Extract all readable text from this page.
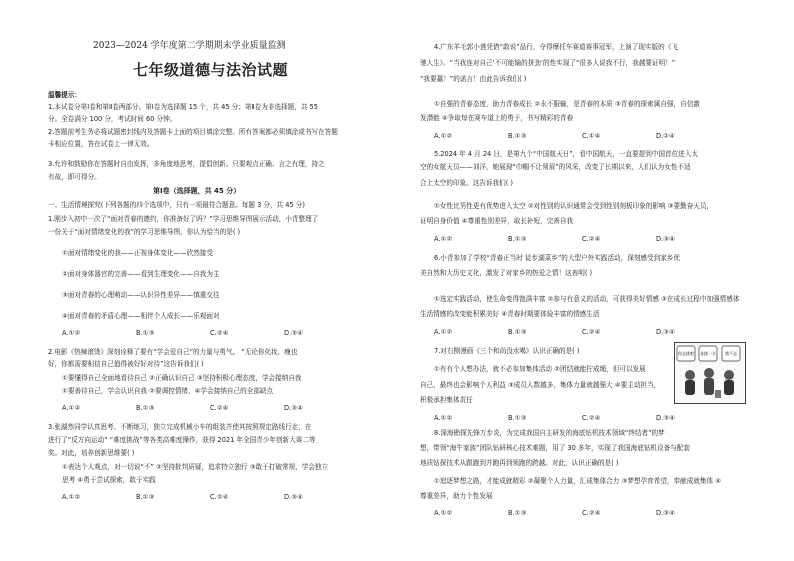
2023—2024 学年度第二学期期末学业质量监测
七年级道德与法治试题
温馨提示：
1.本试卷分第Ⅰ卷和第Ⅱ卷两部分。第Ⅰ卷为选择题 15 个，共 45 分；第Ⅱ卷为非选择题，共 55
分。全卷满分 100 分，考试时间 60 分钟。
2.答题前考生务必将试题密封线内及答题卡上面的项目填涂完整。所有答案都必须填涂或书写在答题
卡相应位置，答在试卷上一律无效。
3.允许和鼓励你在答题时自由发挥，多角度地思考，提倡创新。只要观点正确、言之有理，持之
有故，即可得分。
第Ⅰ卷（选择题，共 45 分）
一、生活情境探究(下列各题的四个选项中，只有一项最符合题意。每题 3 分，共 45 分)
1.刚步入初中一次了“面对青春的邀约，你准备好了吗？”学习思维导图展示活动，小青整理了
一份关于“面对情绪变化的我”的学习思维导图，你认为恰当的是( )
①面对情绪变化的我——正视身体变化——欣然接受
②面对身体器官的完善——看到生理变化——自我为主
③面对青春的心理萌动——认识异性差异——慎重交往
④面对青春的矛盾心理——相伴个人成长——乐观面对
A.①②	B.①③	C.②④	D.③④
2.电影《热辣滚烫》深刻诠释了要有“学会爱自己”的力量与勇气。 “无论你化妆，瘦也
好，你都需要相信自己值得被好好对待”这告诉我们( )
①要懂得自己全面地看待自己 ②正确认识自己 ③坚持积极心理态度，学会接纳自我
①要善待自己，学会认识自我 ②要调控情绪，④学会接纳自己的全部缺点
A.①②	B.①③	C.②④	D.③④
3.张湖然同学认真思考、不断练习，独立完成机械小车的组装并使其按照规定路线行走，在
进行了“反方向运动” “难度挑战”等各类高难度操作，获得 2021 年全国青少年创新大赛二等
奖。对此，培养创新思维要( )
①表达个人观点，对一切说“不” ②坚持批判质疑，追求特立独行 ③敢于打破常规，学会独立
思考 ④勇于尝试探索，敢于实践
A.①②	B.①③	C.②④	D.③④
4.广东羊毛郭小莲凭借“敢说”品行，夺得摩托车赛道赛事冠军，上演了现实版的《飞
驰人生》。“当我连对自己‘不可能输的拼劲’的性实现了“很多人说我不行，我越要证明！”
“我要赢！”的诺言！由此告诉我们( )
①自强的青春态度，助力青春成长 ②永不服输，是青春的本质 ③青春的探索属自强，自信激
发潜能 ④争取每在赛车道上的勇于，书写精彩的青春
A.①②	B.①③	C.①④	D.②④
5.2024 年 4 月 24 日，是第九个“中国航天日”，看中国航天，一直要提到中国首位进入太
空的女航天员——刘洋，她展现“巾帼不让须眉”的风采，改变了长期以来，人们认为女性不适
合上太空的印象。这告诉我们( )
①女性比男性更有优势进入太空 ②对性别的认识通常会受到性别刻板印象的影响 ③要勤奋天员，
证明自身价值 ④尊重性别差异，取长补短，完善自我
A.①②	B.①③	C.②④	D.③④
6.小青参加了学校“青春正当时 徒步湖菜乡”的大型户外实践活动，深刻感受到家乡优
美自然和大历史文化，激发了对家乡的热爱之情！这表明( )
①选定实践活动，使生命变得饱满丰富 ②参与有意义的活动，可获得美好情感 ③在成长过程中加强情感体
生活情感的改变能积累美好 ④青春时期要体验丰富的情感生活
A.①②	B.①③	C.②④	D.③④
7.对右侧漫画《三个和尚没水喝》认识正确的是( )
①有有个人想办法，就不必参加集体活动 ②团结就能拧成绳，但可以发展
自己，最终也会影响个人利益 ③成员人数越多，集体力量就越强大 ④要主动担当，
积极承担集体责任
A.①②	B.①③	C.②④	D.③④
8.深海勘探先锋万步炎，为完成我国自主研发的海底钻机技术领域“终结者”的梦
想，带领“海牛家族”团队钻研核心技术难题，用了 30 多年，实现了我国海底钻机设备与配套
地质钻探技术从跟跑到并跑再到领跑的跨越。对此，认识正确的是( )
①追逐梦想之路，才能成就精彩 ②凝聚个人力量，汇成集体合力 ③梦想孕育希望，奉献成就集体 ④
尊重差异，助力个性发展
A.①②	B.①③	C.②④	D.③④
你去挑吧 各挑一半 我不去
